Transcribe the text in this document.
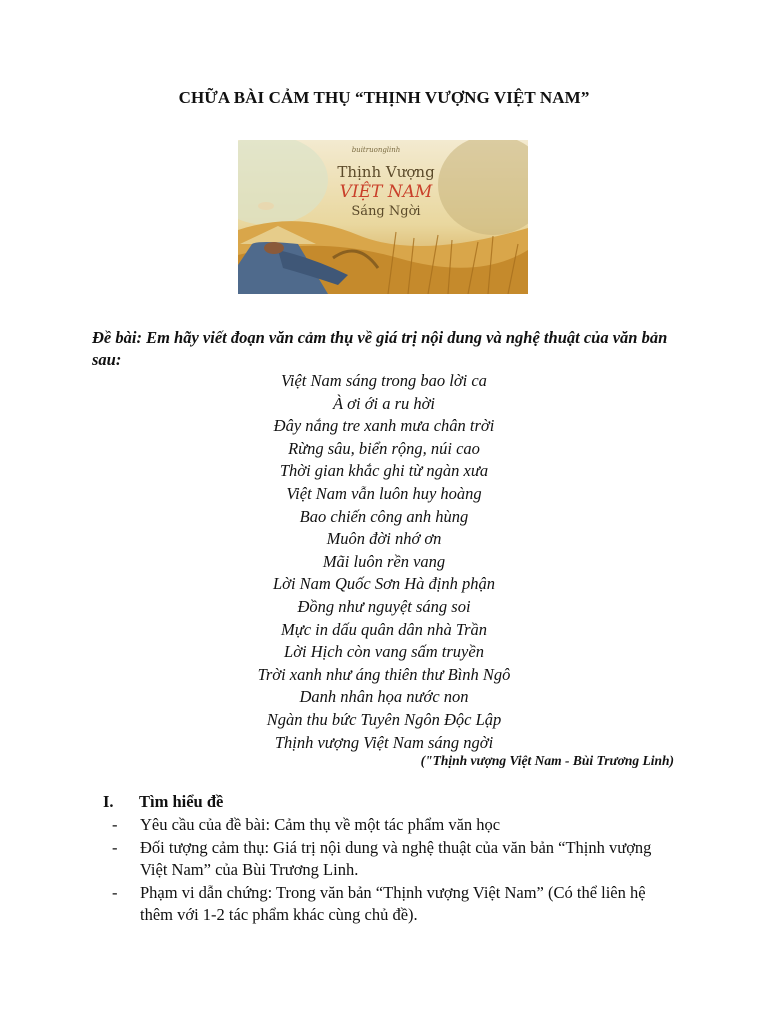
CHỮA BÀI CẢM THỤ “THỊNH VƯỢNG VIỆT NAM”
buitruonglinh
Thịnh Vượng
VIỆT NAM
Sáng Ngời
Đề bài: Em hãy viết đoạn văn cảm thụ về giá trị nội dung và nghệ thuật của văn bản sau:
Việt Nam sáng trong bao lời ca
À ơi ới a ru hời
Đây nắng tre xanh mưa chân trời
Rừng sâu, biển rộng, núi cao
Thời gian khắc ghi từ ngàn xưa
Việt Nam vẫn luôn huy hoàng
Bao chiến công anh hùng
Muôn đời nhớ ơn
Mãi luôn rền vang
Lời Nam Quốc Sơn Hà định phận
Đồng như nguyệt sáng soi
Mực in dấu quân dân nhà Trần
Lời Hịch còn vang sấm truyền
Trời xanh như áng thiên thư Bình Ngô
Danh nhân họa nước non
Ngàn thu bức Tuyên Ngôn Độc Lập
Thịnh vượng Việt Nam sáng ngời
("Thịnh vượng Việt Nam - Bùi Trương Linh)
I. Tìm hiểu đề
- Yêu cầu của đề bài: Cảm thụ về một tác phẩm văn học
- Đối tượng cảm thụ: Giá trị nội dung và nghệ thuật của văn bản “Thịnh vượng Việt Nam” của Bùi Trương Linh.
- Phạm vi dẫn chứng: Trong văn bản “Thịnh vượng Việt Nam” (Có thể liên hệ thêm với 1-2 tác phẩm khác cùng chủ đề).
